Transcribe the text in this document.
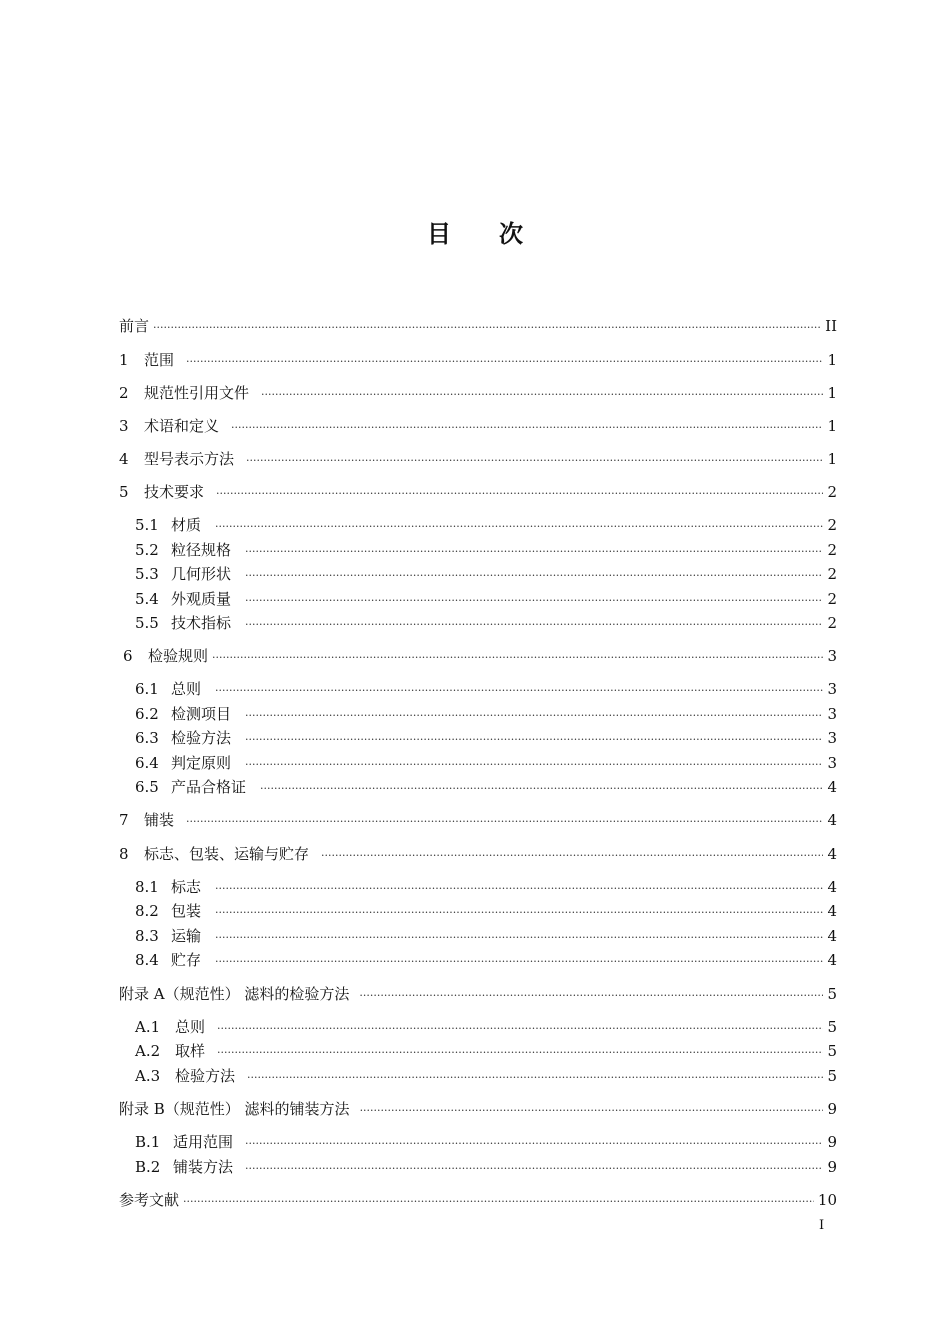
目 次
前言 ·····	II
1	范围 ·····	1
2	规范性引用文件 ·····	1
3	术语和定义 ·····	1
4	型号表示方法 ·····	1
5	技术要求 ·····	2
5.1 材质 ·····	2
5.2 粒径规格 ·····	2
5.3 几何形状 ·····	2
5.4 外观质量 ·····	2
5.5 技术指标 ·····	2
6	检验规则 ·····	3
6.1 总则 ·····	3
6.2 检测项目 ·····	3
6.3 检验方法 ·····	3
6.4 判定原则 ·····	3
6.5 产品合格证 ·····	4
7	铺装 ·····	4
8	标志、包装、运输与贮存 ·····	4
8.1 标志 ·····	4
8.2 包装 ·····	4
8.3 运输 ·····	4
8.4 贮存 ·····	4
附录 A（规范性） 滤料的检验方法 ·····	5
A.1 总则 ·····	5
A.2 取样 ·····	5
A.3 检验方法 ·····	5
附录 B（规范性） 滤料的铺装方法 ·····	9
B.1 适用范围 ·····	9
B.2 铺装方法 ·····	9
参考文献 ·····	10
I
